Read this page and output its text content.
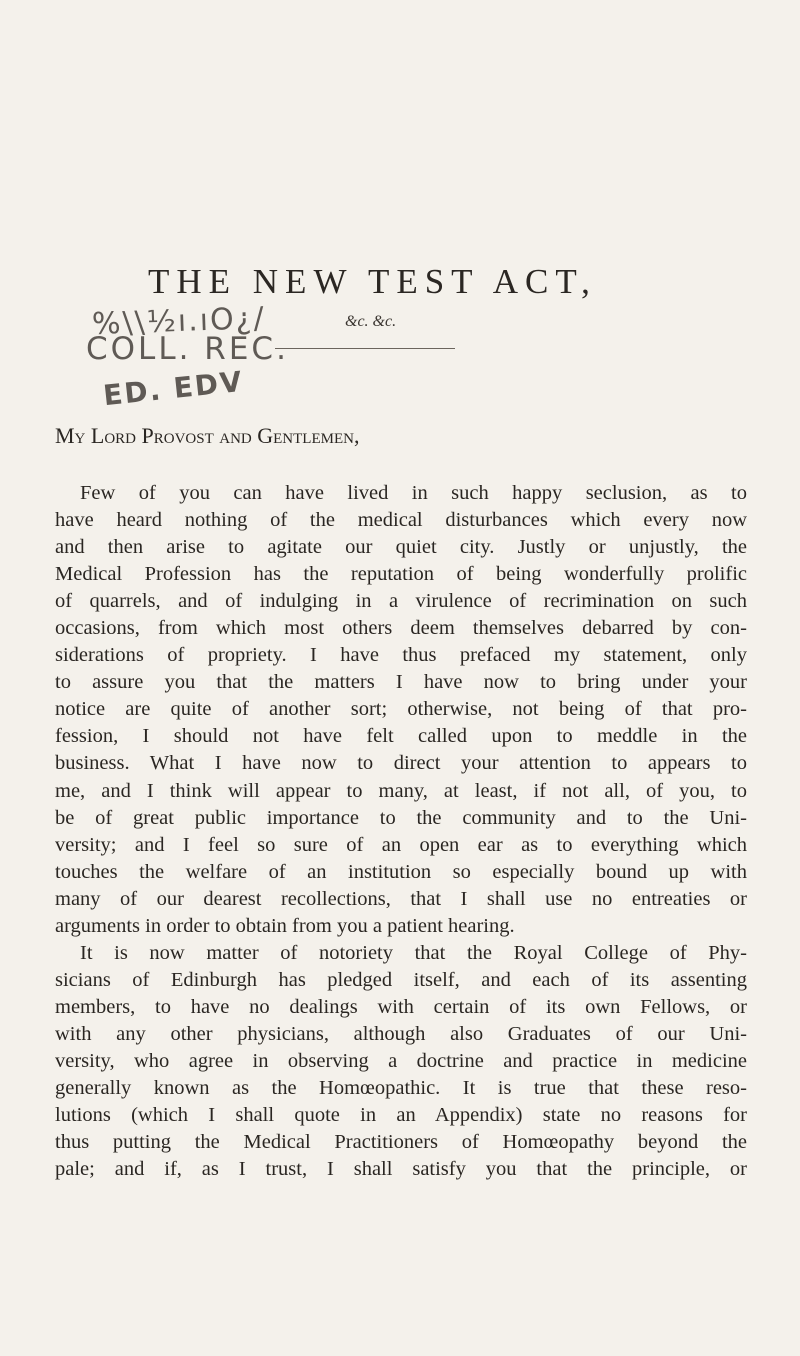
THE NEW TEST ACT,
%\\½ı.ıO¿/
COLL. REC.
ED. EDV
&c. &c.
My Lord Provost and Gentlemen,
Few of you can have lived in such happy seclusion, as to
have heard nothing of the medical disturbances which every now
and then arise to agitate our quiet city. Justly or unjustly, the
Medical Profession has the reputation of being wonderfully prolific
of quarrels, and of indulging in a virulence of recrimination on such
occasions, from which most others deem themselves debarred by con-
siderations of propriety. I have thus prefaced my statement, only
to assure you that the matters I have now to bring under your
notice are quite of another sort; otherwise, not being of that pro-
fession, I should not have felt called upon to meddle in the
business. What I have now to direct your attention to appears to
me, and I think will appear to many, at least, if not all, of you, to
be of great public importance to the community and to the Uni-
versity; and I feel so sure of an open ear as to everything which
touches the welfare of an institution so especially bound up with
many of our dearest recollections, that I shall use no entreaties or
arguments in order to obtain from you a patient hearing.
It is now matter of notoriety that the Royal College of Phy-
sicians of Edinburgh has pledged itself, and each of its assenting
members, to have no dealings with certain of its own Fellows, or
with any other physicians, although also Graduates of our Uni-
versity, who agree in observing a doctrine and practice in medicine
generally known as the Homœopathic. It is true that these reso-
lutions (which I shall quote in an Appendix) state no reasons for
thus putting the Medical Practitioners of Homœopathy beyond the
pale; and if, as I trust, I shall satisfy you that the principle, or
